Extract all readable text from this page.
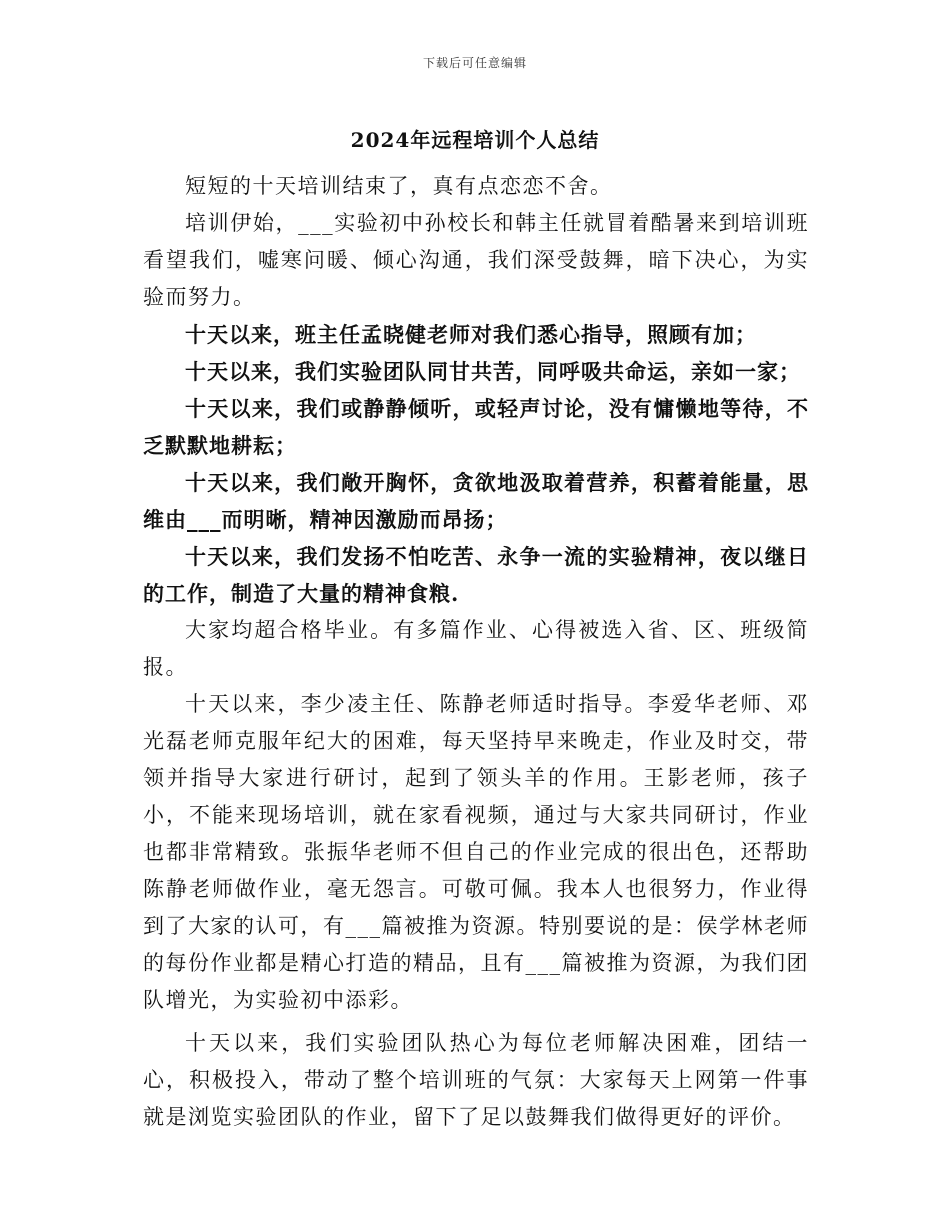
下载后可任意编辑
2024年远程培训个人总结

短短的十天培训结束了，真有点恋恋不舍。

培训伊始，___实验初中孙校长和韩主任就冒着酷暑来到培训班看望我们，嘘寒问暖、倾心沟通，我们深受鼓舞，暗下决心，为实验而努力。

十天以来，班主任孟晓健老师对我们悉心指导，照顾有加；

十天以来，我们实验团队同甘共苦，同呼吸共命运，亲如一家；

十天以来，我们或静静倾听，或轻声讨论，没有慵懒地等待，不乏默默地耕耘；

十天以来，我们敞开胸怀，贪欲地汲取着营养，积蓄着能量，思维由___而明晰，精神因激励而昂扬；

十天以来，我们发扬不怕吃苦、永争一流的实验精神，夜以继日的工作，制造了大量的精神食粮.

大家均超合格毕业。有多篇作业、心得被选入省、区、班级简报。

十天以来，李少凌主任、陈静老师适时指导。李爱华老师、邓光磊老师克服年纪大的困难，每天坚持早来晚走，作业及时交，带领并指导大家进行研讨，起到了领头羊的作用。王影老师，孩子小，不能来现场培训，就在家看视频，通过与大家共同研讨，作业也都非常精致。张振华老师不但自己的作业完成的很出色，还帮助陈静老师做作业，毫无怨言。可敬可佩。我本人也很努力，作业得到了大家的认可，有___篇被推为资源。特别要说的是：侯学林老师的每份作业都是精心打造的精品，且有___篇被推为资源，为我们团队增光，为实验初中添彩。

十天以来，我们实验团队热心为每位老师解决困难，团结一心，积极投入，带动了整个培训班的气氛：大家每天上网第一件事就是浏览实验团队的作业，留下了足以鼓舞我们做得更好的评价。
